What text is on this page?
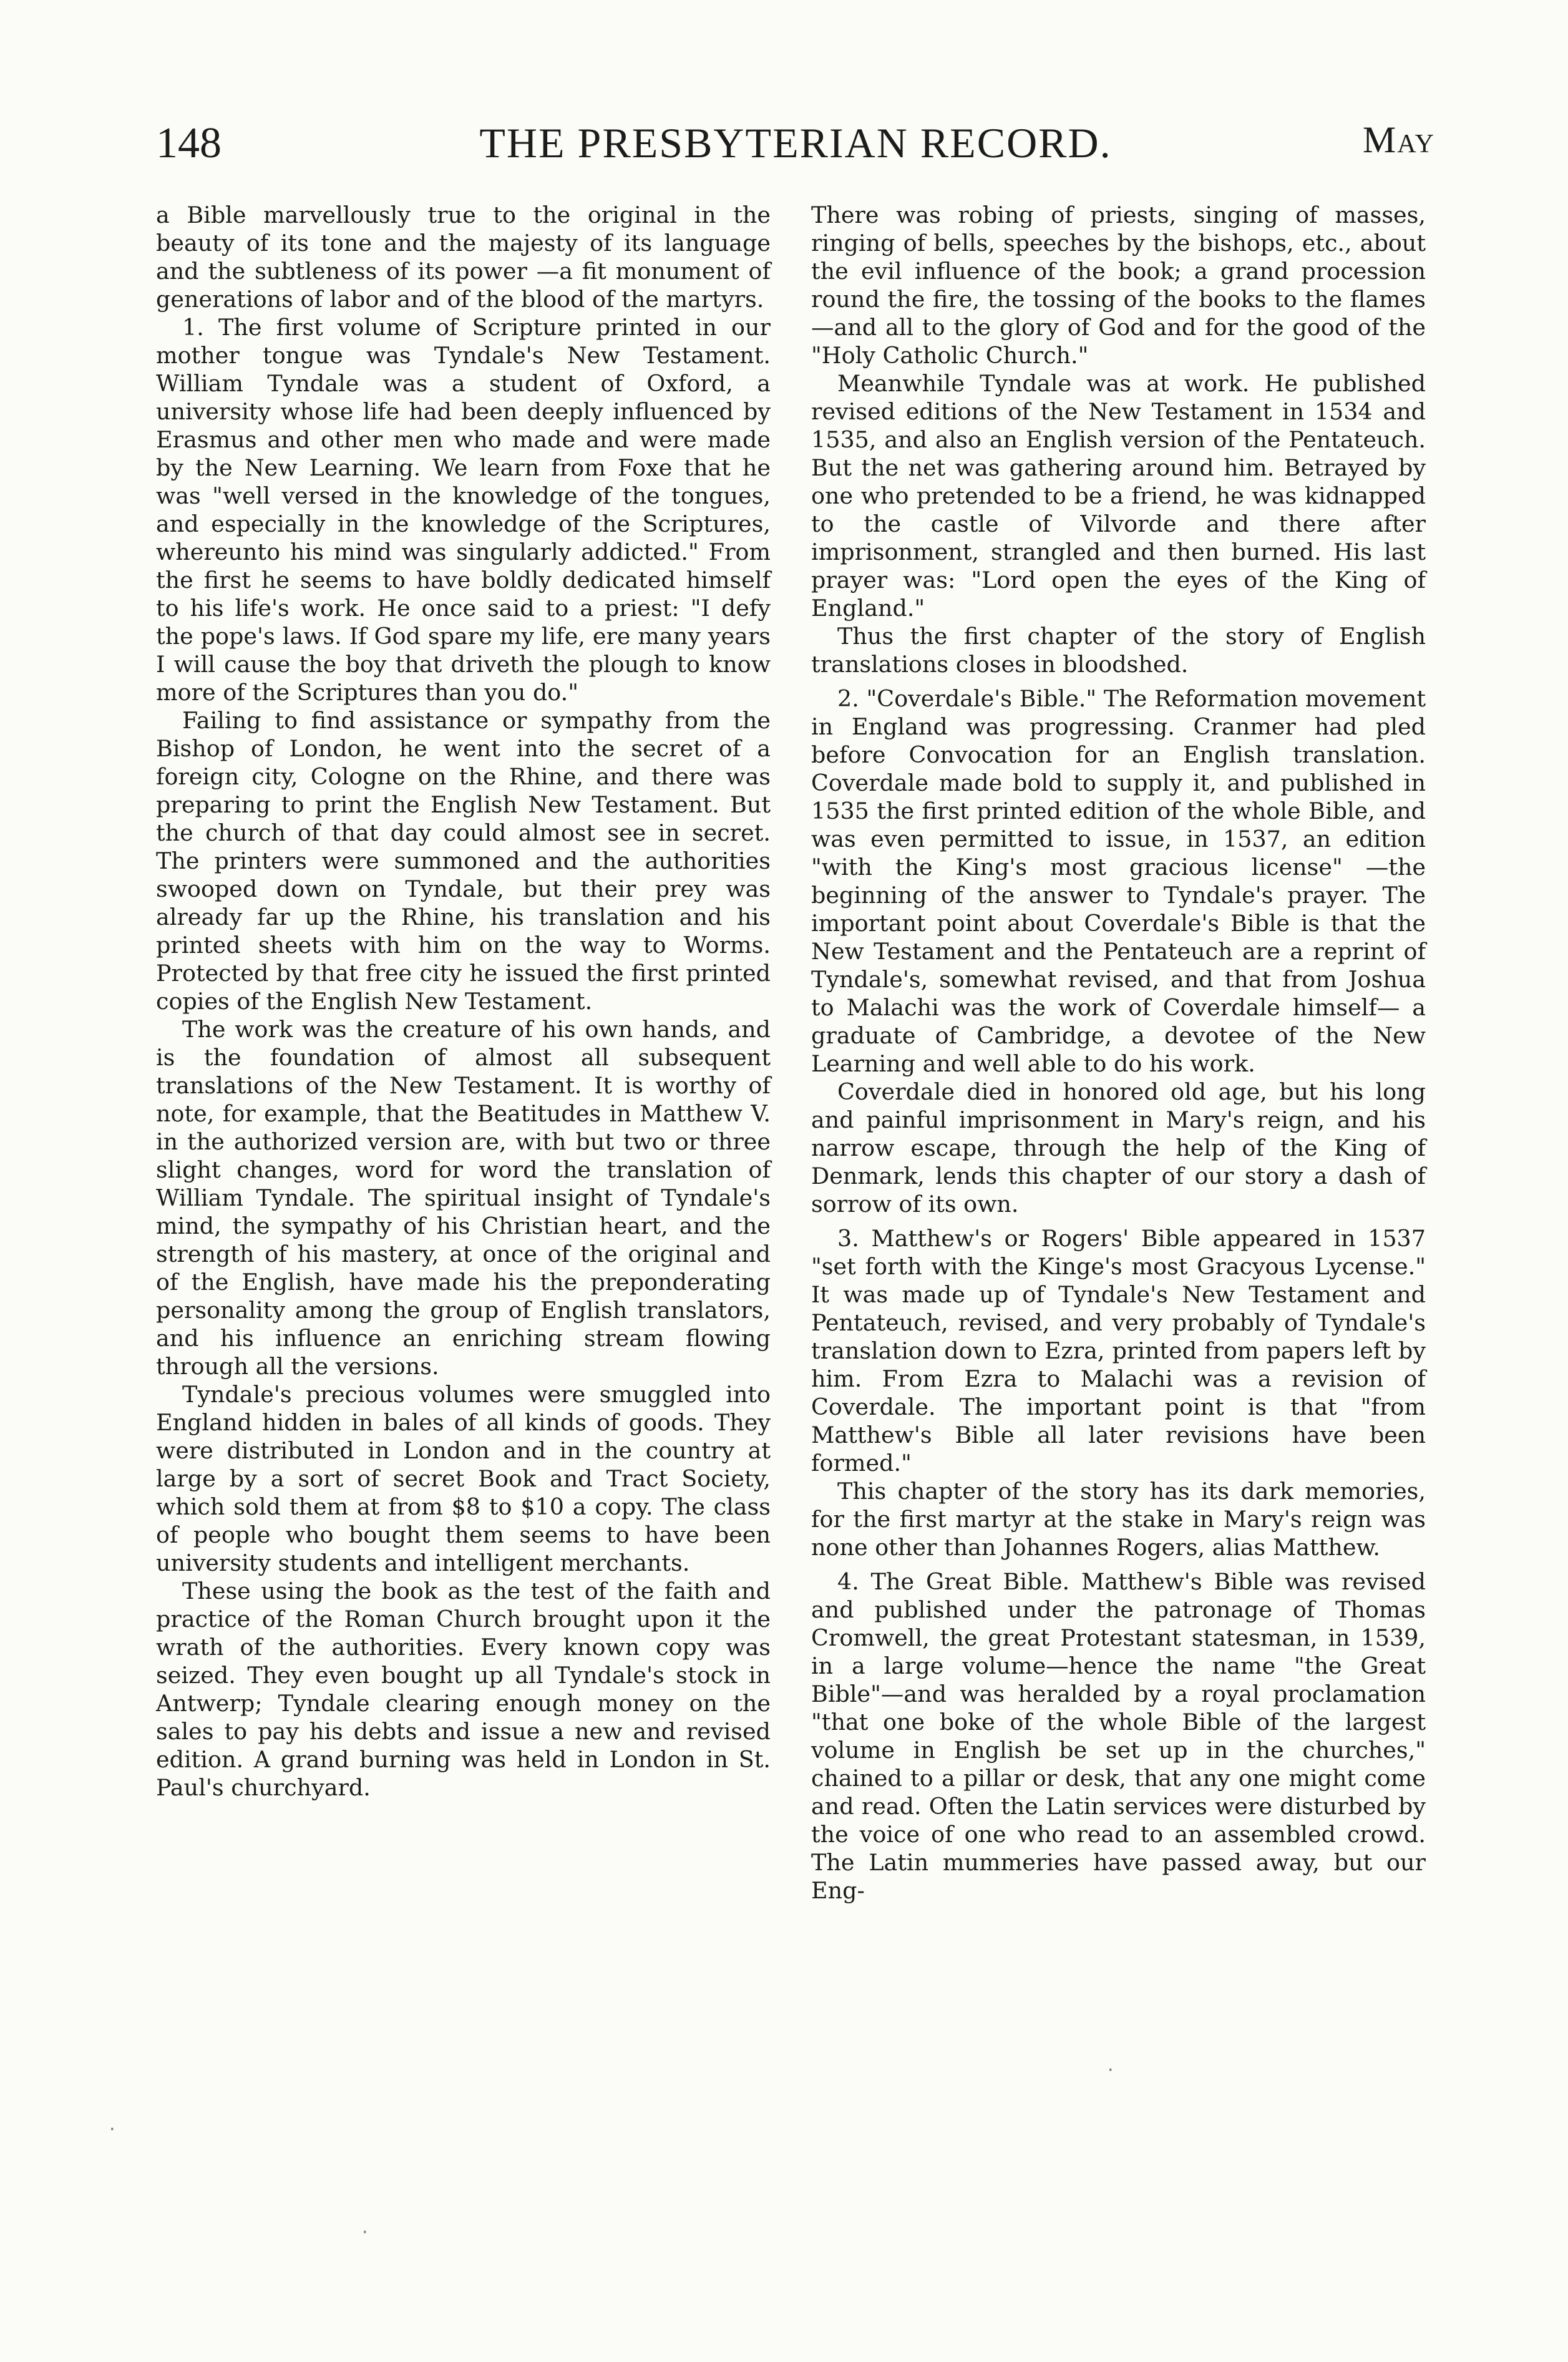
148	THE PRESBYTERIAN RECORD.	May

a Bible marvellously true to the original in the beauty of its tone and the majesty of its language and the subtleness of its power —a fit monument of generations of labor and of the blood of the martyrs.

1. The first volume of Scripture printed in our mother tongue was Tyndale's New Testament. William Tyndale was a student of Oxford, a university whose life had been deeply influenced by Erasmus and other men who made and were made by the New Learning. We learn from Foxe that he was "well versed in the knowledge of the tongues, and especially in the knowledge of the Scriptures, whereunto his mind was singularly addicted." From the first he seems to have boldly dedicated himself to his life's work. He once said to a priest: "I defy the pope's laws. If God spare my life, ere many years I will cause the boy that driveth the plough to know more of the Scriptures than you do."

Failing to find assistance or sympathy from the Bishop of London, he went into the secret of a foreign city, Cologne on the Rhine, and there was preparing to print the English New Testament. But the church of that day could almost see in secret. The printers were summoned and the authorities swooped down on Tyndale, but their prey was already far up the Rhine, his translation and his printed sheets with him on the way to Worms. Protected by that free city he issued the first printed copies of the English New Testament.

The work was the creature of his own hands, and is the foundation of almost all subsequent translations of the New Testament. It is worthy of note, for example, that the Beatitudes in Matthew V. in the authorized version are, with but two or three slight changes, word for word the translation of William Tyndale. The spiritual insight of Tyndale's mind, the sympathy of his Christian heart, and the strength of his mastery, at once of the original and of the English, have made his the preponderating personality among the group of English translators, and his influence an enriching stream flowing through all the versions.

Tyndale's precious volumes were smuggled into England hidden in bales of all kinds of goods. They were distributed in London and in the country at large by a sort of secret Book and Tract Society, which sold them at from $8 to $10 a copy. The class of people who bought them seems to have been university students and intelligent merchants.

These using the book as the test of the faith and practice of the Roman Church brought upon it the wrath of the authorities. Every known copy was seized. They even bought up all Tyndale's stock in Antwerp; Tyndale clearing enough money on the sales to pay his debts and issue a new and revised edition. A grand burning was held in London in St. Paul's churchyard.

There was robing of priests, singing of masses, ringing of bells, speeches by the bishops, etc., about the evil influence of the book; a grand procession round the fire, the tossing of the books to the flames—and all to the glory of God and for the good of the "Holy Catholic Church."

Meanwhile Tyndale was at work. He published revised editions of the New Testament in 1534 and 1535, and also an English version of the Pentateuch. But the net was gathering around him. Betrayed by one who pretended to be a friend, he was kidnapped to the castle of Vilvorde and there after imprisonment, strangled and then burned. His last prayer was: "Lord open the eyes of the King of England."

Thus the first chapter of the story of English translations closes in bloodshed.

2. "Coverdale's Bible." The Reformation movement in England was progressing. Cranmer had pled before Convocation for an English translation. Coverdale made bold to supply it, and published in 1535 the first printed edition of the whole Bible, and was even permitted to issue, in 1537, an edition "with the King's most gracious license" —the beginning of the answer to Tyndale's prayer. The important point about Coverdale's Bible is that the New Testament and the Pentateuch are a reprint of Tyndale's, somewhat revised, and that from Joshua to Malachi was the work of Coverdale himself— a graduate of Cambridge, a devotee of the New Learning and well able to do his work.

Coverdale died in honored old age, but his long and painful imprisonment in Mary's reign, and his narrow escape, through the help of the King of Denmark, lends this chapter of our story a dash of sorrow of its own.

3. Matthew's or Rogers' Bible appeared in 1537 "set forth with the Kinge's most Gracyous Lycense." It was made up of Tyndale's New Testament and Pentateuch, revised, and very probably of Tyndale's translation down to Ezra, printed from papers left by him. From Ezra to Malachi was a revision of Coverdale. The important point is that "from Matthew's Bible all later revisions have been formed."

This chapter of the story has its dark memories, for the first martyr at the stake in Mary's reign was none other than Johannes Rogers, alias Matthew.

4. The Great Bible. Matthew's Bible was revised and published under the patronage of Thomas Cromwell, the great Protestant statesman, in 1539, in a large volume—hence the name "the Great Bible"—and was heralded by a royal proclamation "that one boke of the whole Bible of the largest volume in English be set up in the churches," chained to a pillar or desk, that any one might come and read. Often the Latin services were disturbed by the voice of one who read to an assembled crowd. The Latin mummeries have passed away, but our Eng-

·
·
·
